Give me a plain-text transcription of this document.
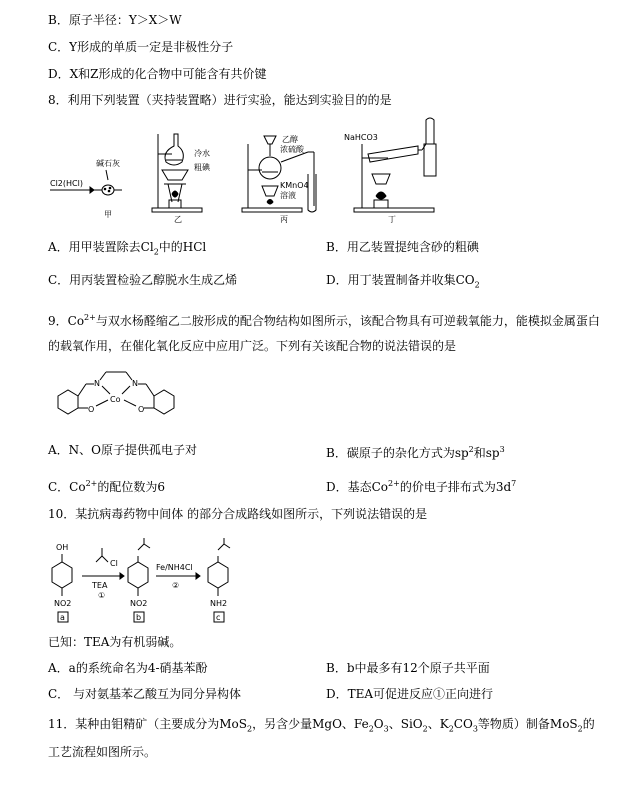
B．原子半径：Y＞X＞W
C．Y形成的单质一定是非极性分子
D．X和Z形成的化合物中可能含有共价键
8．利用下列装置（夹持装置略）进行实验，能达到实验目的的是
Cl2(HCl)
碱石灰
甲
冷水
粗碘
乙
乙醇
浓硫酸
KMnO4
溶液
丙
NaHCO3
丁
A．用甲装置除去$Cl_2$中的HCl	B．用乙装置提纯含砂的粗碘
C．用丙装置检验乙醇脱水生成乙烯	D．用丁装置制备并收集$CO_2$
9．$Co^{2+}$与双水杨醛缩乙二胺形成的配合物结构如图所示，该配合物具有可逆载氧能力，能模拟金属蛋白
的载氧作用，在催化氧化反应中应用广泛。下列有关该配合物的说法错误的是
N	N
Co
O	O
A．N、O原子提供孤电子对	B．碳原子的杂化方式为$sp^2$和$sp^3$
C．$Co^{2+}$的配位数为6	D．基态$Co^{2+}$的价电子排布式为$3d^7$
10．某抗病毒药物中间体 的部分合成路线如图所示，下列说法错误的是
OH
Cl
TEA
①
Fe/NH4Cl
②
NO2	NO2	NH2
a	b	c
已知：TEA为有机弱碱。
A．a的系统命名为4-硝基苯酚	B．b中最多有12个原子共平面
C． 与对氨基苯乙酸互为同分异构体	D．TEA可促进反应①正向进行
11．某种由钼精矿（主要成分为MoS$_2$，另含少量MgO、$Fe_2O_3$、SiO$_2$、$K_2CO_3$等物质）制备MoS$_2$的
工艺流程如图所示。
